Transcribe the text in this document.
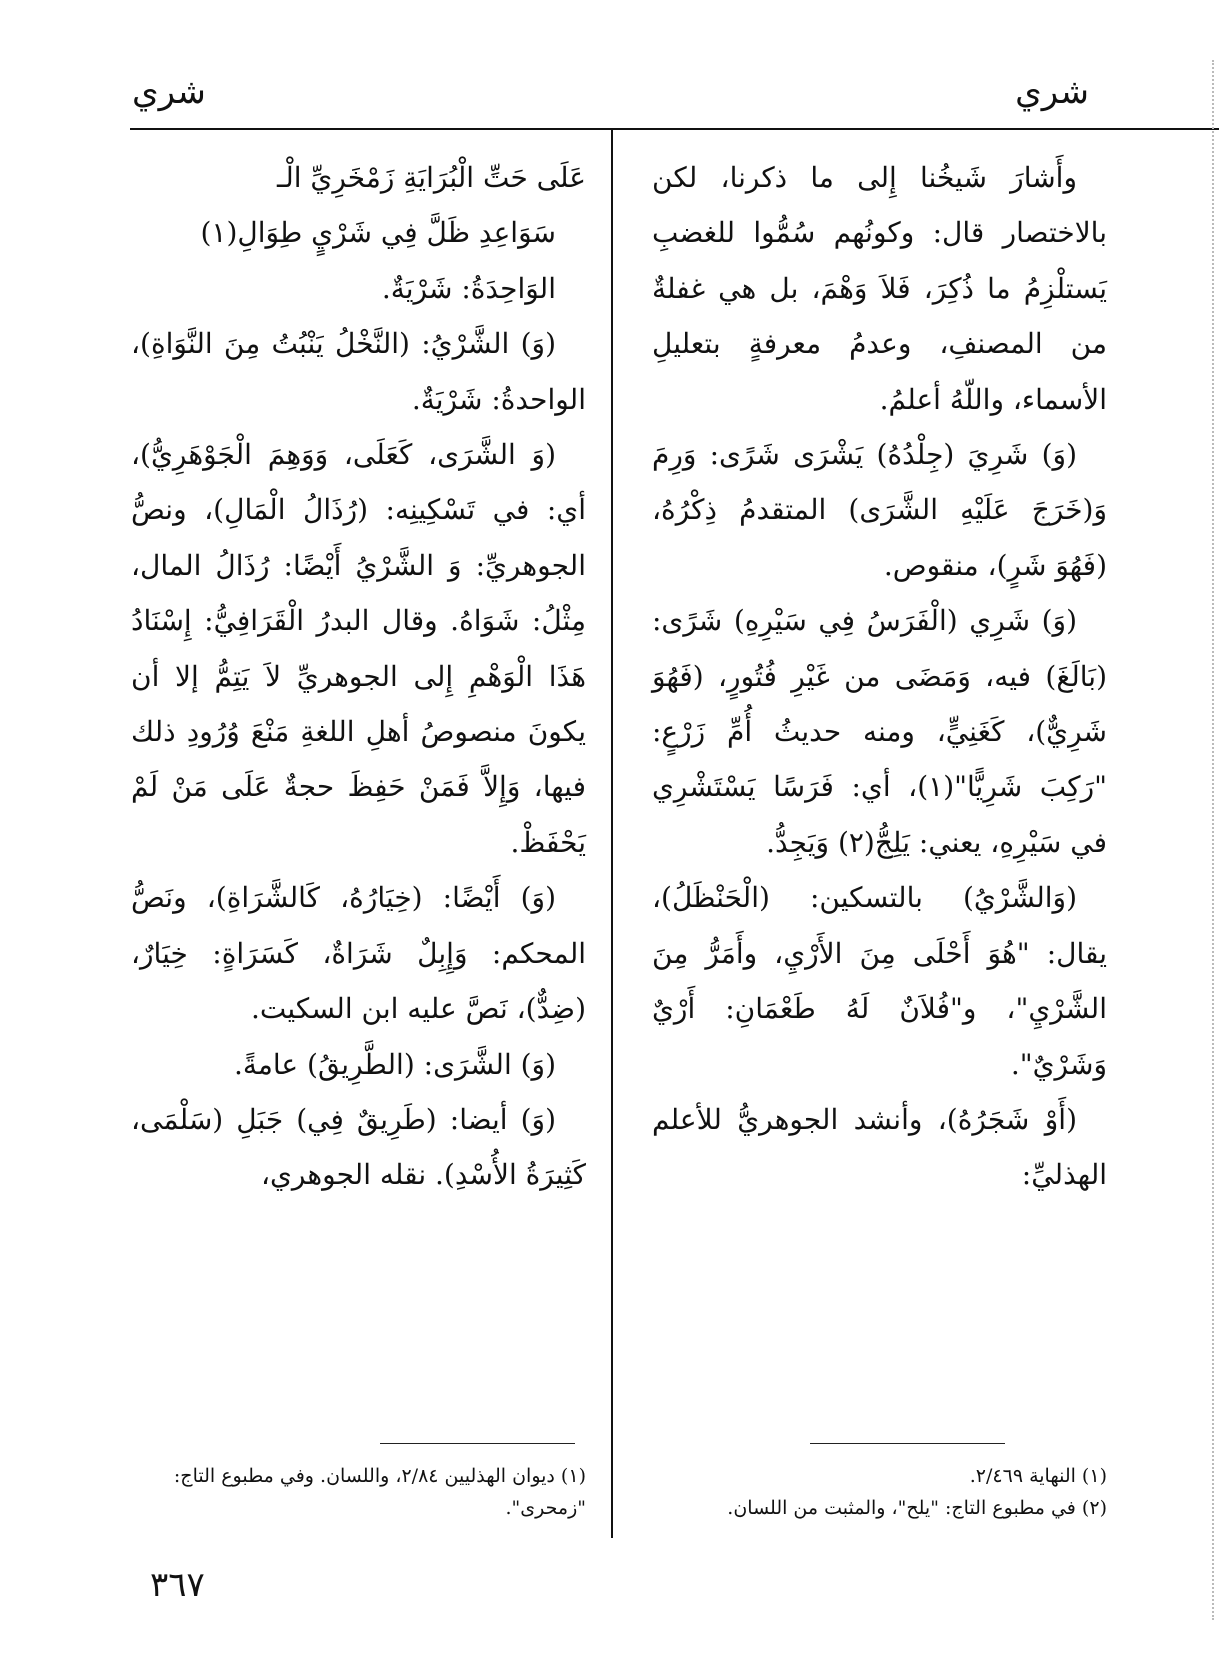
شري
شري

وأَشارَ شَيخُنا إِلى ما ذكرنا، لكن بالاختصار قال: وكونُهم سُمُّوا للغضبِ يَستلْزِمُ ما ذُكِرَ، فَلاَ وَهْمَ، بل هي غفلةٌ من المصنفِ، وعدمُ معرفةٍ بتعليلِ الأسماء، واللّهُ أعلمُ.

(وَ) شَرِيَ (جِلْدُهُ) يَشْرَى شَرًى: وَرِمَ وَ(خَرَجَ عَلَيْهِ الشَّرَى) المتقدمُ ذِكْرُهُ، (فَهُوَ شَرٍ)، منقوص.

(وَ) شَرِي (الْفَرَسُ فِي سَيْرِهِ) شَرًى: (بَالَغَ) فيه، وَمَضَى من غَيْرِ فُتُورٍ، (فَهُوَ شَرِيٌّ)، كَغَنِيٍّ، ومنه حديثُ أُمِّ زَرْعٍ: "رَكِبَ شَرِيًّا"(١)، أي: فَرَسًا يَسْتَشْرِي في سَيْرِهِ، يعني: يَلِجُّ(٢) وَيَجِدُّ.

(وَالشَّرْيُ) بالتسكين: (الْحَنْظَلُ)، يقال: "هُوَ أَحْلَى مِنَ الأَرْيِ، وأَمَرُّ مِنَ الشَّرْيِ"، و"فُلاَنٌ لَهُ طَعْمَانِ: أَرْيٌ وَشَرْيٌ".

(أَوْ شَجَرُهُ)، وأنشد الجوهريُّ للأعلم الهذليِّ:

عَلَى حَتِّ الْبُرَايَةِ زَمْخَرِيِّ الْـ

سَوَاعِدِ ظَلَّ فِي شَرْيٍ طِوَالِ(١)

الوَاحِدَةُ: شَرْيَةٌ.

(وَ) الشَّرْيُ: (النَّخْلُ يَنْبُتُ مِنَ النَّوَاةِ)، الواحدةُ: شَرْيَةٌ.

(وَ الشَّرَى، كَعَلَى، وَوَهِمَ الْجَوْهَرِيُّ)، أي: في تَسْكِينِه: (رُذَالُ الْمَالِ)، ونصُّ الجوهريِّ: وَ الشَّرْيُ أَيْضًا: رُذَالُ المال، مِثْلُ: شَوَاهُ. وقال البدرُ الْقَرَافِيُّ: إِسْنَادُ هَذَا الْوَهْمِ إِلى الجوهريِّ لاَ يَتِمُّ إلا أن يكونَ منصوصُ أهلِ اللغةِ مَنْعَ وُرُودِ ذلك فيها، وَإِلاَّ فَمَنْ حَفِظَ حجةٌ عَلَى مَنْ لَمْ يَحْفَظْ.

(وَ) أَيْضًا: (خِيَارُهُ، كَالشَّرَاةِ)، ونَصُّ المحكم: وَإِبِلٌ شَرَاةٌ، كَسَرَاةٍ: خِيَارٌ، (ضِدٌّ)، نَصَّ عليه ابن السكيت.

(وَ) الشَّرَى: (الطَّرِيقُ) عامةً.

(وَ) أيضا: (طَرِيقٌ فِي) جَبَلِ (سَلْمَى، كَثِيرَةُ الأُسْدِ). نقله الجوهري،

(١) النهاية ٢/٤٦٩.
(٢) في مطبوع التاج: "يلح"، والمثبت من اللسان.
(١) ديوان الهذليين ٢/٨٤، واللسان. وفي مطبوع التاج: "زمحرى".
٣٦٧
